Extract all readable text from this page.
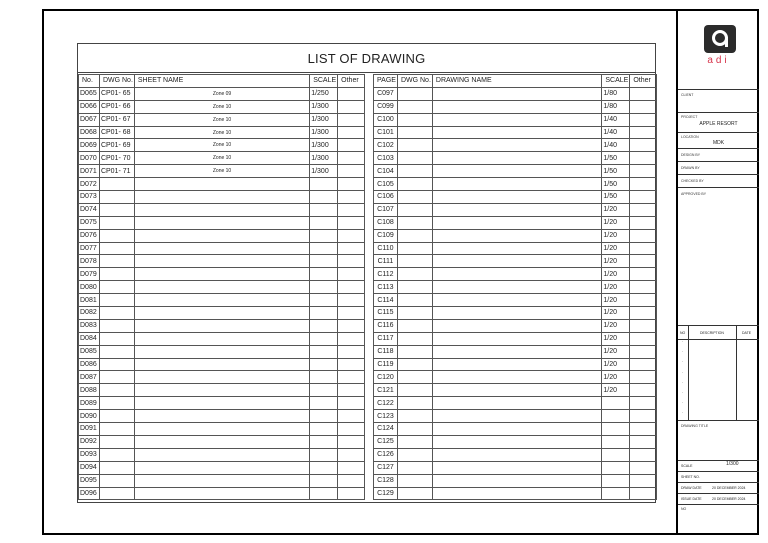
LIST OF DRAWING
No.	DWG No.	SHEET NAME	SCALE	Other
D065	CP01- 65	Zone 09	1/250	
D066	CP01- 66	Zone 10	1/300	
D067	CP01- 67	Zone 10	1/300	
D068	CP01- 68	Zone 10	1/300	
D069	CP01- 69	Zone 10	1/300	
D070	CP01- 70	Zone 10	1/300	
D071	CP01- 71	Zone 10	1/300	
D072				
D073				
D074				
D075				
D076				
D077				
D078				
D079				
D080				
D081				
D082				
D083				
D084				
D085				
D086				
D087				
D088				
D089				
D090				
D091				
D092				
D093				
D094				
D095				
D096				
PAGE	DWG No.	DRAWING NAME	SCALE	Other
C097			1/80	
C099			1/80	
C100			1/40	
C101			1/40	
C102			1/40	
C103			1/50	
C104			1/50	
C105			1/50	
C106			1/50	
C107			1/20	
C108			1/20	
C109			1/20	
C110			1/20	
C111			1/20	
C112			1/20	
C113			1/20	
C114			1/20	
C115			1/20	
C116			1/20	
C117			1/20	
C118			1/20	
C119			1/20	
C120			1/20	
C121			1/20	
C122				
C123				
C124				
C125				
C126				
C127				
C128				
C129				
adi
CLIENT
PROJECT
APPLE RESORT
LOCATION
MDK
DESIGN BY
DRAWN BY
CHECKED BY
APPROVED BY
NO	DESCRIPTION	DATE
·
·
·
·
·
·
·
·
DRAWING TITLE
SCALE	1/300
SHEET NO.
DRAW DATE	20 DECEMBER 2024
ISSUE DATE	20 DECEMBER 2024
NO
